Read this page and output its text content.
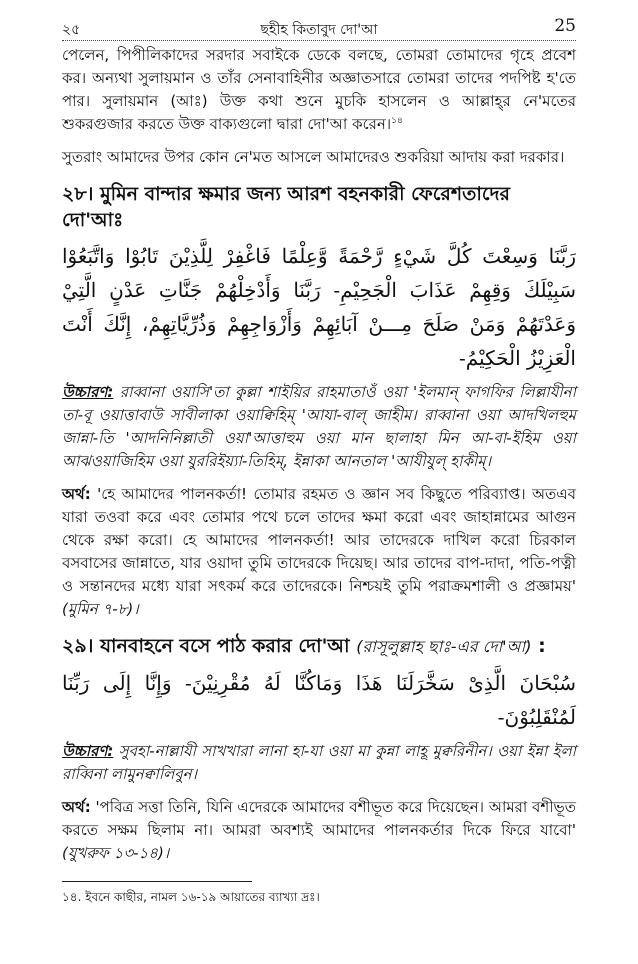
২৫	ছহীহ কিতাবুদ দো'আ	25

পেলেন, পিপীলিকাদের সরদার সবাইকে ডেকে বলছে, তোমরা তোমাদের গৃহে প্রবেশ কর। অন্যথা সুলায়মান ও তাঁর সেনাবাহিনীর অজ্ঞাতসারে তোমরা তাদের পদপিষ্ট হ'তে পার। সুলায়মান (আঃ) উক্ত কথা শুনে মুচকি হাসলেন ও আল্লাহ্‌র নে'মতের শুকরগুজার করতে উক্ত বাক্যগুলো দ্বারা দো'আ করেন।$^{১৪}$

সুতরাং আমাদের উপর কোন নে'মত আসলে আমাদেরও শুকরিয়া আদায় করা দরকার।

২৮। মুমিন বান্দার ক্ষমার জন্য আরশ বহনকারী ফেরেশতাদের দো'আঃ
رَبَّنَا وَسِعْتَ كُلَّ شَيْءٍ رَّحْمَةً وَّعِلْمًا فَاغْفِرْ لِلَّذِيْنَ تَابُوْا وَاتَّبَعُوْا سَبِيْلَكَ وَقِهِمْ عَذَابَ الْجَحِيْمِ- رَبَّنَا وَأَدْخِلْهُمْ جَنَّاتِ عَدْنٍ الَّتِيْ وَعَدْتَهُمْ وَمَنْ صَلَحَ مِـــنْ آبَائِهِمْ وَأَزْوَاجِهِمْ وَذُرِّيَّاتِهِمْ، إِنَّكَ أَنْتَ الْعَزِيْزُ الْحَكِيْمُ-

উচ্চারণ: রাব্বানা ওয়াসি'তা কুল্লা শাইয়ির রাহমাতাওঁ ওয়া 'ইলমান্‌ ফাগফির লিল্লাযীনা তা-বূ ওয়াত্তাবাউ সাবীলাকা ওয়াক্বিহিম্‌ 'আযা-বাল্‌ জাহীম। রাব্বানা ওয়া আদখিলহুম জান্না-তি 'আদনিনিল্লাতী ওয়া'আত্তাহুম ওয়া মান ছালাহা মিন আ-বা-ইহিম ওয়া আঝওয়াজিহিম ওয়া যুররিইয়্যা-তিহিম্‌, ইন্নাকা আনতাল 'আযীযুল্‌ হাকীম্‌।

অর্থ: 'হে আমাদের পালনকর্তা! তোমার রহমত ও জ্ঞান সব কিছুতে পরিব্যাপ্ত। অতএব যারা তওবা করে এবং তোমার পথে চলে তাদের ক্ষমা করো এবং জাহান্নামের আগুন থেকে রক্ষা করো। হে আমাদের পালনকর্তা! আর তাদেরকে দাখিল করো চিরকাল বসবাসের জান্নাতে, যার ওয়াদা তুমি তাদেরকে দিয়েছ। আর তাদের বাপ-দাদা, পতি-পত্নী ও সন্তানদের মধ্যে যারা সৎকর্ম করে তাদেরকে। নিশ্চয়ই তুমি পরাক্রমশালী ও প্রজ্ঞাময়' (মুমিন ৭-৮)।

২৯। যানবাহনে বসে পাঠ করার দো'আ (রাসূলুল্লাহ ছাঃ-এর দো'আ) :
سُبْحَانَ الَّذِىْ سَخَّرَلَنَا هَذَا وَمَاكُنَّا لَهُ مُقْرِنِيْنَ- وَإِنَّا إِلَى رَبِّنَا لَمُنْقَلِبُوْنَ-

উচ্চারণ: সুবহা-নাল্লাযী সাখখারা লানা হা-যা ওয়া মা কুন্না লাহূ মুক্বরিনীন। ওয়া ইন্না ইলা রাব্বিনা লামুনক্বালিবুন।

অর্থ: 'পবিত্র সত্তা তিনি, যিনি এদেরকে আমাদের বশীভূত করে দিয়েছেন। আমরা বশীভূত করতে সক্ষম ছিলাম না। আমরা অবশ্যই আমাদের পালনকর্তার দিকে ফিরে যাবো' (যুখরুফ ১৩-১৪)।

১৪. ইবনে কাছীর, নামল ১৬-১৯ আয়াতের ব্যাখ্যা দ্রঃ।
